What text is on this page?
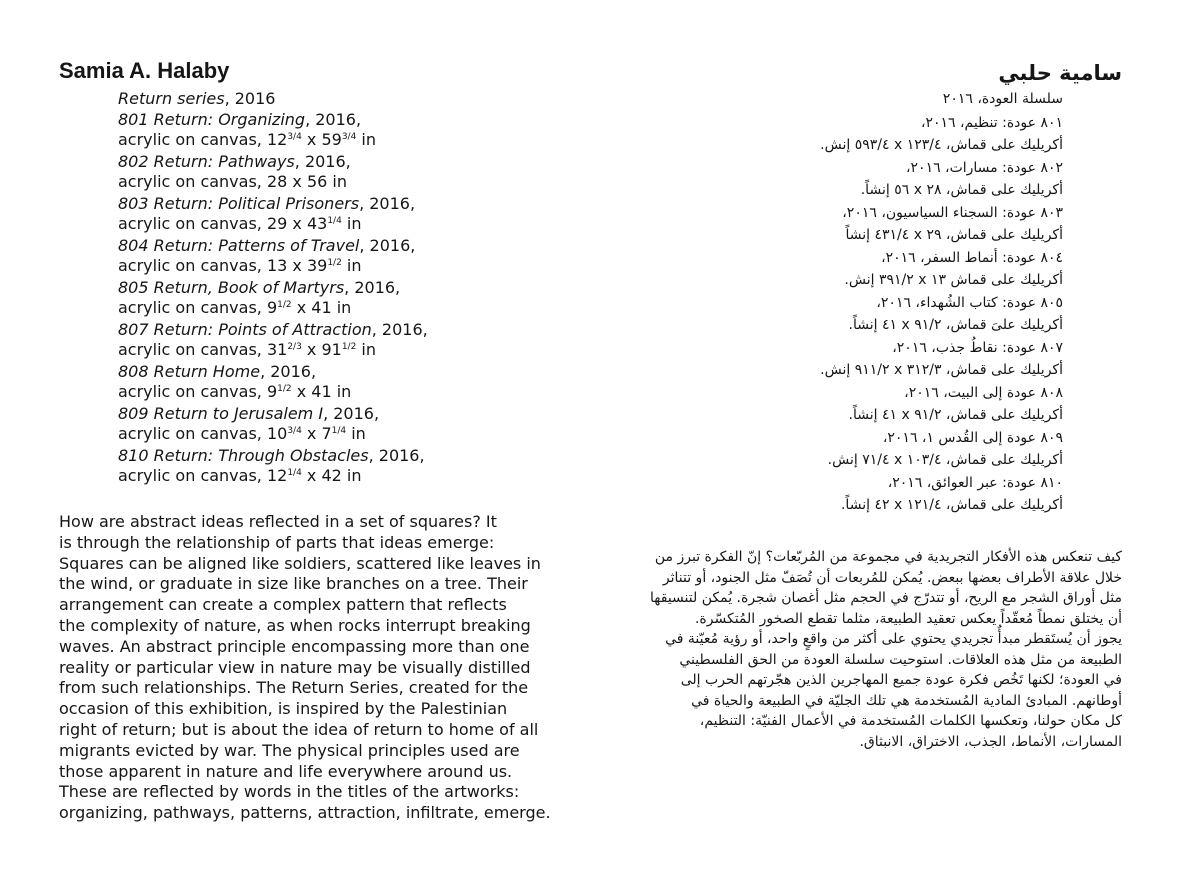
Samia A. Halaby
Return series, 2016
801 Return: Organizing, 2016,
acrylic on canvas, $12^{3/4}$ x $59^{3/4}$ in
802 Return: Pathways, 2016,
acrylic on canvas, 28 x 56 in
803 Return: Political Prisoners, 2016,
acrylic on canvas, 29 x $43^{1/4}$ in
804 Return: Patterns of Travel, 2016,
acrylic on canvas, 13 x $39^{1/2}$ in
805 Return, Book of Martyrs, 2016,
acrylic on canvas, $9^{1/2}$ x 41 in
807 Return: Points of Attraction, 2016,
acrylic on canvas, $31^{2/3}$ x $91^{1/2}$ in
808 Return Home, 2016,
acrylic on canvas, $9^{1/2}$ x 41 in
809 Return to Jerusalem I, 2016,
acrylic on canvas, $10^{3/4}$ x $7^{1/4}$ in
810 Return: Through Obstacles, 2016,
acrylic on canvas, $12^{1/4}$ x 42 in

How are abstract ideas reflected in a set of squares? It
is through the relationship of parts that ideas emerge:
Squares can be aligned like soldiers, scattered like leaves in
the wind, or graduate in size like branches on a tree. Their
arrangement can create a complex pattern that reflects
the complexity of nature, as when rocks interrupt breaking
waves. An abstract principle encompassing more than one
reality or particular view in nature may be visually distilled
from such relationships. The Return Series, created for the
occasion of this exhibition, is inspired by the Palestinian
right of return; but is about the idea of return to home of all
migrants evicted by war. The physical principles used are
those apparent in nature and life everywhere around us.
These are reflected by words in the titles of the artworks:
organizing, pathways, patterns, attraction, infiltrate, emerge.

سامية حلبي
سلسلة العودة، ٢٠١٦
٨٠١ عودة: تنظيم، ٢٠١٦،
أكريليك على قماش، ١٢٣/٤ x ٥٩٣/٤ إنش.
٨٠٢ عودة: مسارات، ٢٠١٦،
أكريليك على قماش، ٢٨ x ٥٦ إنشاً.
٨٠٣ عودة: السجناء السياسيون، ٢٠١٦،
أكريليك على قماش، ٢٩ x ٤٣١/٤ إنشاً
٨٠٤ عودة: أنماط السفر، ٢٠١٦،
أكريليك على قماش ١٣ x ٣٩١/٢ إنش.
٨٠٥ عودة: كتاب الشُهداء، ٢٠١٦،
أكريليك علىَ قماش، ٩١/٢ x ٤١ إنشاً.
٨٠٧ عودة: نقاطُ جذب، ٢٠١٦،
أكريليك على قماش، ٣١٢/٣ x ٩١١/٢ إنش.
٨٠٨ عودة إلى البيت، ٢٠١٦،
أكريليك على قماش، ٩١/٢ x ٤١ إنشاً.
٨٠٩ عودة إلى القُدس ١، ٢٠١٦،
أكريليك على قماش، ١٠٣/٤ x ٧١/٤ إنش.
٨١٠ عودة: عبر العوائق، ٢٠١٦،
أكريليك على قماش، ١٢١/٤ x ٤٢ إنشاً.

كيف تنعكس هذه الأفكار التجريدية في مجموعة من المُربّعات؟ إنّ الفكرة تبرز من
خلال علاقة الأطراف بعضها ببعض. يُمكن للمُربعات أن تُصَفّ مثل الجنود، أو تتناثر
مثل أوراق الشجر مع الريح، أو تتدرّج في الحجم مثل أغصان شجرة. يُمكن لتنسيقها
أن يختلق نمطاً مُعقّداً يعكس تعقيد الطبيعة، مثلما تقطع الصخور المُتكسّرة.
يجوز أن يُستَقطر مبدأٌ تجريدي يحتوي على أكثر من واقعٍ واحد، أو رؤية مُعيّنة في
الطبيعة من مثل هذه العلاقات. استوحيت سلسلة العودة من الحق الفلسطيني
في العودة؛ لكنها تَخُص فكرة عودة جميع المهاجرين الذين هجّرتهم الحرب إلى
أوطانهم. المبادئ المادية المُستخدمة هي تلك الجليّة في الطبيعة والحياة في
كل مكان حولنا، وتعكسها الكلمات المُستخدمة في الأعمال الفنيّة: التنظيم،
المسارات، الأنماط، الجذب، الاختراق، الانبثاق.
